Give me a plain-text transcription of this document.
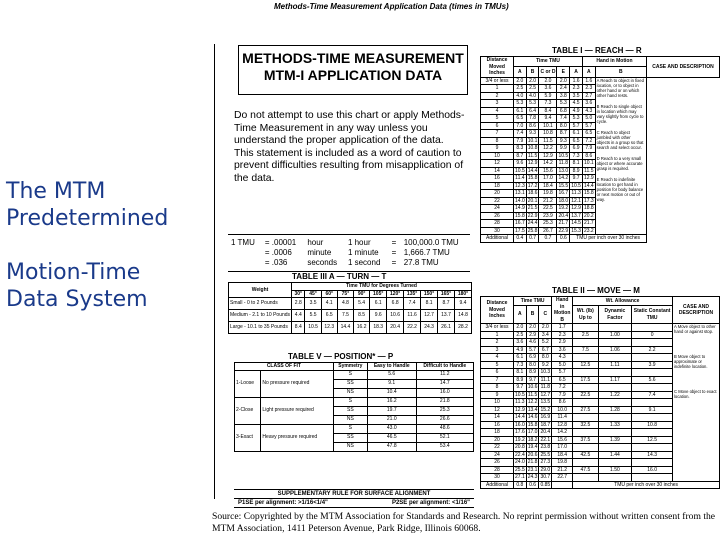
The MTM

Predetermined

Motion-Time

Data System

Methods-Time Measurement Application Data (times in TMUs)
METHODS-TIME MEASUREMENT
MTM-I APPLICATION DATA
Do not attempt to use this chart or apply Methods-Time Measurement in any way unless you understand the proper application of the data. This statement is included as a word of caution to prevent difficulties resulting from misapplication of the data.
1 TMU	= .00001	hour	1 hour	=	100,000.0 TMU
	= .0006	minute	1 minute	=	1,666.7 TMU
	= .036	seconds	1 second	=	27.8 TMU
TABLE I — REACH — R
Distance Moved Inches	Time TMU					Hand in Motion		CASE AND DESCRIPTION
	A	B	C or D	E	A	A	B	
3/4 or less	2.0	2.0	2.0	2.0	1.6	1.6	A Reach to object in fixed location, or to object in other hand or on which other hand rests.
B Reach to single object in location which may vary slightly from cycle to cycle.
C Reach to object jumbled with other objects in a group so that search and select occur.
D Reach to a very small object or where accurate grasp is required.
E Reach to indefinite location to get hand in position for body balance or next motion or out of way.	

1	2.5	2.5	3.6	2.4	2.3	2.3		
2	4.0	4.0	5.9	3.8	3.5	2.7		
3	5.3	5.3	7.3	5.3	4.5	3.6		
4	6.1	6.4	8.4	6.8	4.9	4.3		
5	6.5	7.8	9.4	7.4	5.3	5.0		
6	7.0	8.6	10.1	8.0	5.7	5.7		
7	7.4	9.3	10.8	8.7	6.1	6.5		
8	7.9	10.1	11.5	9.3	6.5	7.2		
9	8.3	10.8	12.2	9.9	6.9	7.9		
10	8.7	11.5	12.9	10.5	7.3	8.6		
12	9.6	12.9	14.2	11.8	8.1	10.1		
14	10.5	14.4	15.6	13.0	8.9	11.5		
16	11.4	15.8	17.0	14.2	9.7	12.9		
18	12.3	17.2	18.4	15.5	10.5	14.4		
20	13.1	18.6	19.8	16.7	11.3	15.8		
22	14.0	20.1	21.2	18.0	12.1	17.3		
24	14.9	21.5	22.5	19.2	12.9	18.8		
26	15.8	22.9	23.9	20.4	13.7	20.2		
28	16.7	24.4	25.3	21.7	14.5	21.7		
30	17.5	25.8	26.7	22.9	15.3	23.2		
Additional	0.4	0.7	0.7	0.6	TMU per inch over 30 inches			
TABLE III A — TURN — T
Weight	Time TMU for Degrees Turned										
	30°	45°	60°	75°	90°	105°	120°	135°	150°	165°	180°
Small - 0 to 2 Pounds	2.8	3.5	4.1	4.8	5.4	6.1	6.8	7.4	8.1	8.7	9.4
Medium - 2.1 to 10 Pounds	4.4	5.5	6.5	7.5	8.5	9.6	10.6	11.6	12.7	13.7	14.8
Large - 10.1 to 35 Pounds	8.4	10.5	12.3	14.4	16.2	18.3	20.4	22.2	24.3	26.1	28.2
TABLE V — POSITION* — P
CLASS OF FIT		Symmetry	Easy to Handle	Difficult to Handle
1-Loose	No pressure required	S	5.6	11.2
		SS	9.1	14.7
		NS	10.4	16.0
2-Close	Light pressure required	S	16.2	21.8
		SS	19.7	25.3
		NS	21.0	26.6
3-Exact	Heavy pressure required	S	43.0	48.6
		SS	46.5	52.1
		NS	47.8	53.4
SUPPLEMENTARY RULE FOR SURFACE ALIGNMENT
P1SE per alignment: >1/16<1/4"	P2SE per alignment: <1/16"
TABLE II — MOVE — M
Distance Moved Inches	Time TMU			Hand in Motion B	Wt. Allowance			CASE AND DESCRIPTION
	A	B	C		Wt. (lb) Up to	Dynamic Factor	Static Constant TMU	
3/4 or less	2.0	2.0	2.0	1.7				A Move object to other hand or against stop.
B Move object to approximate or indefinite location.
C Move object to exact location.

1	2.5	2.9	3.4	2.3	2.5	1.00	0	
2	3.6	4.6	5.2	2.9				
3	4.9	5.7	6.7	3.6	7.5	1.06	2.2	
4	6.1	6.9	8.0	4.3				
5	7.3	8.0	9.2	5.0	12.5	1.11	3.9	
6	8.1	8.9	10.3	5.7				
7	8.9	9.7	11.1	6.5	17.5	1.17	5.6	
8	9.7	10.6	11.8	7.2				
9	10.5	11.5	12.7	7.9	22.5	1.22	7.4	
10	11.3	12.2	13.5	8.6				
12	12.9	13.4	15.2	10.0	27.5	1.28	9.1	
14	14.4	14.6	16.9	11.4				
16	16.0	15.8	18.7	12.8	32.5	1.33	10.8	
18	17.6	17.0	20.4	14.2				
20	19.2	18.2	22.1	15.6	37.5	1.39	12.5	
22	20.8	19.4	23.8	17.0				
24	22.4	20.6	25.5	18.4	42.5	1.44	14.3	
26	24.0	21.8	27.3	19.8				
28	25.5	23.1	29.0	21.2	47.5	1.50	16.0	
30	27.1	24.3	30.7	22.7				
Additional	0.8	0.6	0.85		TMU per inch over 30 inches			
Source: Copyrighted by the MTM Association for Standards and Research. No reprint permission without written consent from the MTM Association, 1411 Peterson Avenue, Park Ridge, Illinois 60068.
